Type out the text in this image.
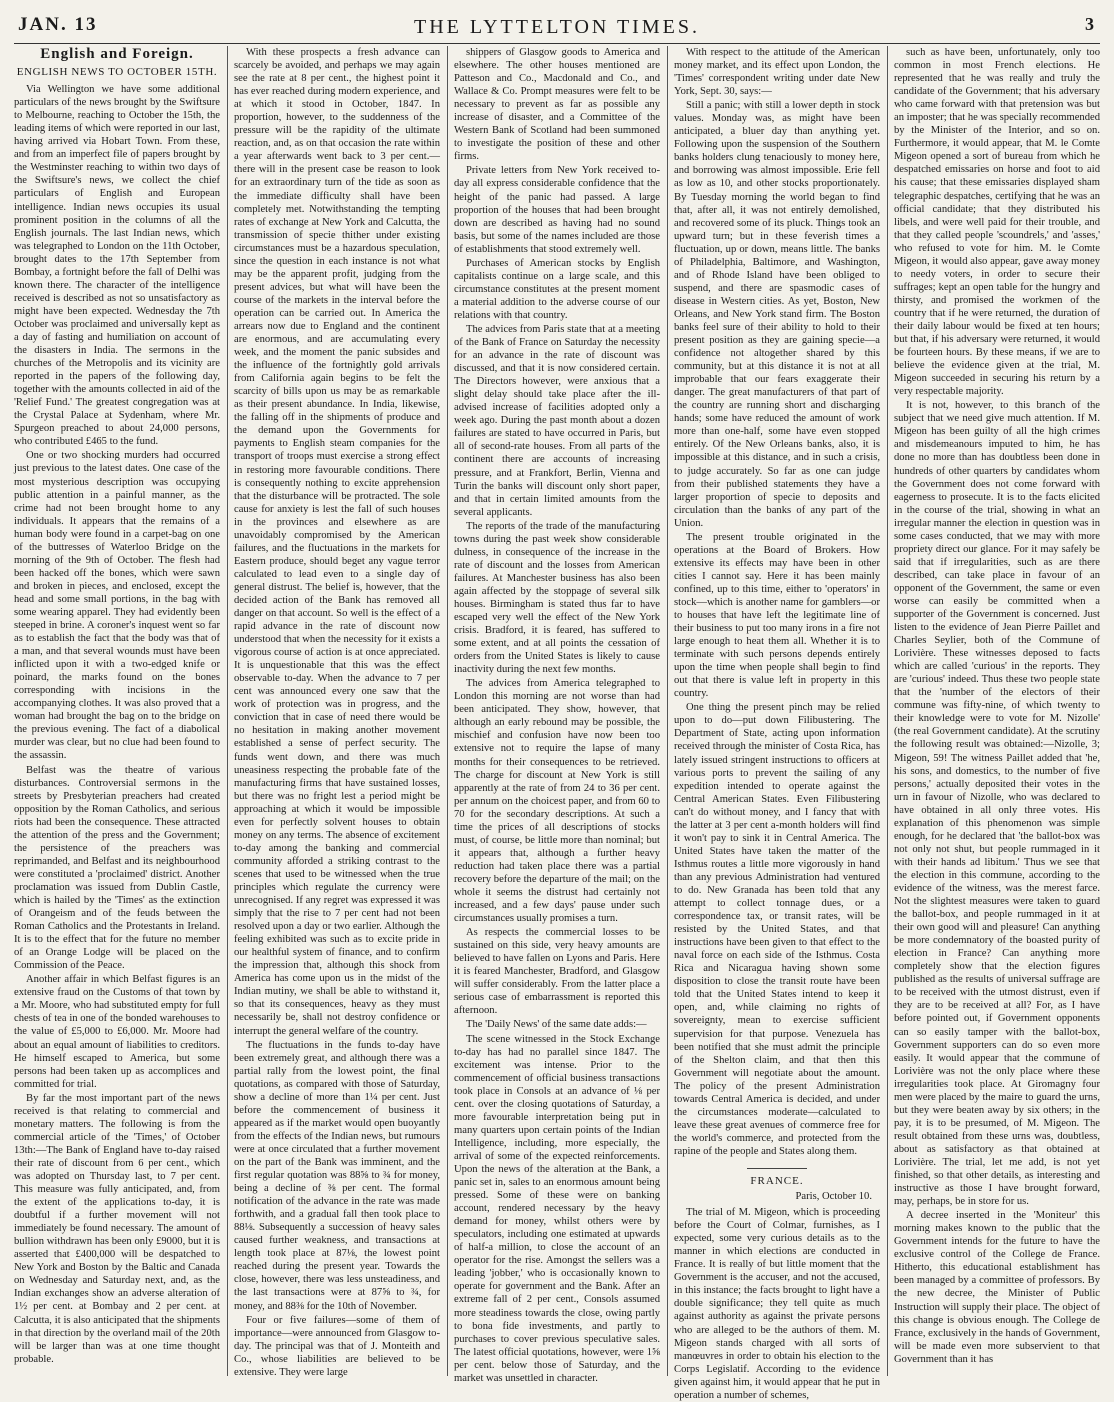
JAN. 13	THE LYTTELTON TIMES.	3
English and Foreign.
ENGLISH NEWS TO OCTOBER 15TH.

Via Wellington we have some additional particulars of the news brought by the Swiftsure to Melbourne, reaching to October the 15th, the leading items of which were reported in our last, having arrived via Hobart Town. From these, and from an imperfect file of papers brought by the Westminster reaching to within two days of the Swiftsure's news, we collect the chief particulars of English and European intelligence. Indian news occupies its usual prominent position in the columns of all the English journals. The last Indian news, which was telegraphed to London on the 11th October, brought dates to the 17th September from Bombay, a fortnight before the fall of Delhi was known there. The character of the intelligence received is described as not so unsatisfactory as might have been expected. Wednesday the 7th October was proclaimed and universally kept as a day of fasting and humiliation on account of the disasters in India. The sermons in the churches of the Metropolis and its vicinity are reported in the papers of the following day, together with the amounts collected in aid of the 'Relief Fund.' The greatest congregation was at the Crystal Palace at Sydenham, where Mr. Spurgeon preached to about 24,000 persons, who contributed £465 to the fund.

One or two shocking murders had occurred just previous to the latest dates. One case of the most mysterious description was occupying public attention in a painful manner, as the crime had not been brought home to any individuals. It appears that the remains of a human body were found in a carpet-bag on one of the buttresses of Waterloo Bridge on the morning of the 9th of October. The flesh had been hacked off the bones, which were sawn and broken in pieces, and enclosed, except the head and some small portions, in the bag with some wearing apparel. They had evidently been steeped in brine. A coroner's inquest went so far as to establish the fact that the body was that of a man, and that several wounds must have been inflicted upon it with a two-edged knife or poinard, the marks found on the bones corresponding with incisions in the accompanying clothes. It was also proved that a woman had brought the bag on to the bridge on the previous evening. The fact of a diabolical murder was clear, but no clue had been found to the assassin.

Belfast was the theatre of various disturbances. Controversial sermons in the streets by Presbyterian preachers had created opposition by the Roman Catholics, and serious riots had been the consequence. These attracted the attention of the press and the Government; the persistence of the preachers was reprimanded, and Belfast and its neighbourhood were constituted a 'proclaimed' district. Another proclamation was issued from Dublin Castle, which is hailed by the 'Times' as the extinction of Orangeism and of the feuds between the Roman Catholics and the Protestants in Ireland. It is to the effect that for the future no member of an Orange Lodge will be placed on the Commission of the Peace.

Another affair in which Belfast figures is an extensive fraud on the Customs of that town by a Mr. Moore, who had substituted empty for full chests of tea in one of the bonded warehouses to the value of £5,000 to £6,000. Mr. Moore had about an equal amount of liabilities to creditors. He himself escaped to America, but some persons had been taken up as accomplices and committed for trial.

By far the most important part of the news received is that relating to commercial and monetary matters. The following is from the commercial article of the 'Times,' of October 13th:—The Bank of England have to-day raised their rate of discount from 6 per cent., which was adopted on Thursday last, to 7 per cent. This measure was fully anticipated, and, from the extent of the applications to-day, it is doubtful if a further movement will not immediately be found necessary. The amount of bullion withdrawn has been only £9000, but it is asserted that £400,000 will be despatched to New York and Boston by the Baltic and Canada on Wednesday and Saturday next, and, as the Indian exchanges show an adverse alteration of 1½ per cent. at Bombay and 2 per cent. at Calcutta, it is also anticipated that the shipments in that direction by the overland mail of the 20th will be larger than was at one time thought probable.

With these prospects a fresh advance can scarcely be avoided, and perhaps we may again see the rate at 8 per cent., the highest point it has ever reached during modern experience, and at which it stood in October, 1847. In proportion, however, to the suddenness of the pressure will be the rapidity of the ultimate reaction, and, as on that occasion the rate within a year afterwards went back to 3 per cent.—there will in the present case be reason to look for an extraordinary turn of the tide as soon as the immediate difficulty shall have been completely met. Notwithstanding the tempting rates of exchange at New York and Calcutta, the transmission of specie thither under existing circumstances must be a hazardous speculation, since the question in each instance is not what may be the apparent profit, judging from the present advices, but what will have been the course of the markets in the interval before the operation can be carried out. In America the arrears now due to England and the continent are enormous, and are accumulating every week, and the moment the panic subsides and the influence of the fortnightly gold arrivals from California again begins to be felt the scarcity of bills upon us may be as remarkable as their present abundance. In India, likewise, the falling off in the shipments of produce and the demand upon the Governments for payments to English steam companies for the transport of troops must exercise a strong effect in restoring more favourable conditions. There is consequently nothing to excite apprehension that the disturbance will be protracted. The sole cause for anxiety is lest the fall of such houses in the provinces and elsewhere as are unavoidably compromised by the American failures, and the fluctuations in the markets for Eastern produce, should beget any vague terror calculated to lead even to a single day of general distrust. The belief is, however, that the decided action of the Bank has removed all danger on that account. So well is the effect of a rapid advance in the rate of discount now understood that when the necessity for it exists a vigorous course of action is at once appreciated. It is unquestionable that this was the effect observable to-day. When the advance to 7 per cent was announced every one saw that the work of protection was in progress, and the conviction that in case of need there would be no hesitation in making another movement established a sense of perfect security. The funds went down, and there was much uneasiness respecting the probable fate of the manufacturing firms that have sustained losses, but there was no fright lest a period might be approaching at which it would be impossible even for perfectly solvent houses to obtain money on any terms. The absence of excitement to-day among the banking and commercial community afforded a striking contrast to the scenes that used to be witnessed when the true principles which regulate the currency were unrecognised. If any regret was expressed it was simply that the rise to 7 per cent had not been resolved upon a day or two earlier. Although the feeling exhibited was such as to excite pride in our healthful system of finance, and to confirm the impression that, although this shock from America has come upon us in the midst of the Indian mutiny, we shall be able to withstand it, so that its consequences, heavy as they must necessarily be, shall not destroy confidence or interrupt the general welfare of the country.

The fluctuations in the funds to-day have been extremely great, and although there was a partial rally from the lowest point, the final quotations, as compared with those of Saturday, show a decline of more than 1¼ per cent. Just before the commencement of business it appeared as if the market would open buoyantly from the effects of the Indian news, but rumours were at once circulated that a further movement on the part of the Bank was imminent, and the first regular quotation was 88⅝ to ¾ for money, being a decline of ⅜ per cent. The formal notification of the advance in the rate was made forthwith, and a gradual fall then took place to 88⅛. Subsequently a succession of heavy sales caused further weakness, and transactions at length took place at 87⅛, the lowest point reached during the present year. Towards the close, however, there was less unsteadiness, and the last transactions were at 87⅝ to ¾, for money, and 88⅜ for the 10th of November.

Four or five failures—some of them of importance—were announced from Glasgow to-day. The principal was that of J. Monteith and Co., whose liabilities are believed to be extensive. They were large

shippers of Glasgow goods to America and elsewhere. The other houses mentioned are Patteson and Co., Macdonald and Co., and Wallace & Co. Prompt measures were felt to be necessary to prevent as far as possible any increase of disaster, and a Committee of the Western Bank of Scotland had been summoned to investigate the position of these and other firms.

Private letters from New York received to-day all express considerable confidence that the height of the panic had passed. A large proportion of the houses that had been brought down are described as having had no sound basis, but some of the names included are those of establishments that stood extremely well.

Purchases of American stocks by English capitalists continue on a large scale, and this circumstance constitutes at the present moment a material addition to the adverse course of our relations with that country.

The advices from Paris state that at a meeting of the Bank of France on Saturday the necessity for an advance in the rate of discount was discussed, and that it is now considered certain. The Directors however, were anxious that a slight delay should take place after the ill-advised increase of facilities adopted only a week ago. During the past month about a dozen failures are stated to have occurred in Paris, but all of second-rate houses. From all parts of the continent there are accounts of increasing pressure, and at Frankfort, Berlin, Vienna and Turin the banks will discount only short paper, and that in certain limited amounts from the several applicants.

The reports of the trade of the manufacturing towns during the past week show considerable dulness, in consequence of the increase in the rate of discount and the losses from American failures. At Manchester business has also been again affected by the stoppage of several silk houses. Birmingham is stated thus far to have escaped very well the effect of the New York crisis. Bradford, it is feared, has suffered to some extent, and at all points the cessation of orders from the United States is likely to cause inactivity during the next few months.

The advices from America telegraphed to London this morning are not worse than had been anticipated. They show, however, that although an early rebound may be possible, the mischief and confusion have now been too extensive not to require the lapse of many months for their consequences to be retrieved. The charge for discount at New York is still apparently at the rate of from 24 to 36 per cent. per annum on the choicest paper, and from 60 to 70 for the secondary descriptions. At such a time the prices of all descriptions of stocks must, of course, be little more than nominal; but it appears that, although a further heavy reduction had taken place there was a partial recovery before the departure of the mail; on the whole it seems the distrust had certainly not increased, and a few days' pause under such circumstances usually promises a turn.

As respects the commercial losses to be sustained on this side, very heavy amounts are believed to have fallen on Lyons and Paris. Here it is feared Manchester, Bradford, and Glasgow will suffer considerably. From the latter place a serious case of embarrassment is reported this afternoon.

The 'Daily News' of the same date adds:—

The scene witnessed in the Stock Exchange to-day has had no parallel since 1847. The excitement was intense. Prior to the commencement of official business transactions took place in Consols at an advance of ⅛ per cent. over the closing quotations of Saturday, a more favourable interpretation being put in many quarters upon certain points of the Indian Intelligence, including, more especially, the arrival of some of the expected reinforcements. Upon the news of the alteration at the Bank, a panic set in, sales to an enormous amount being pressed. Some of these were on banking account, rendered necessary by the heavy demand for money, whilst others were by speculators, including one estimated at upwards of half-a million, to close the account of an operator for the rise. Amongst the sellers was a leading 'jobber,' who is occasionally known to operate for government and the Bank. After an extreme fall of 2 per cent., Consols assumed more steadiness towards the close, owing partly to bona fide investments, and partly to purchases to cover previous speculative sales. The latest official quotations, however, were 1⅝ per cent. below those of Saturday, and the market was unsettled in character.

With respect to the attitude of the American money market, and its effect upon London, the 'Times' correspondent writing under date New York, Sept. 30, says:—

Still a panic; with still a lower depth in stock values. Monday was, as might have been anticipated, a bluer day than anything yet. Following upon the suspension of the Southern banks holders clung tenaciously to money here, and borrowing was almost impossible. Erie fell as low as 10, and other stocks proportionately. By Tuesday morning the world began to find that, after all, it was not entirely demolished, and recovered some of its pluck. Things took an upward turn; but in these feverish times a fluctuation, up or down, means little. The banks of Philadelphia, Baltimore, and Washington, and of Rhode Island have been obliged to suspend, and there are spasmodic cases of disease in Western cities. As yet, Boston, New Orleans, and New York stand firm. The Boston banks feel sure of their ability to hold to their present position as they are gaining specie—a confidence not altogether shared by this community, but at this distance it is not at all improbable that our fears exaggerate their danger. The great manufacturers of that part of the country are running short and discharging hands; some have reduced the amount of work more than one-half, some have even stopped entirely. Of the New Orleans banks, also, it is impossible at this distance, and in such a crisis, to judge accurately. So far as one can judge from their published statements they have a larger proportion of specie to deposits and circulation than the banks of any part of the Union.

The present trouble originated in the operations at the Board of Brokers. How extensive its effects may have been in other cities I cannot say. Here it has been mainly confined, up to this time, either to 'operators' in stock—which is another name for gamblers—or to houses that have left the legitimate line of their business to put too many irons in a fire not large enough to heat them all. Whether it is to terminate with such persons depends entirely upon the time when people shall begin to find out that there is value left in property in this country.

One thing the present pinch may be relied upon to do—put down Filibustering. The Department of State, acting upon information received through the minister of Costa Rica, has lately issued stringent instructions to officers at various ports to prevent the sailing of any expedition intended to operate against the Central American States. Even Filibustering can't do without money, and I fancy that with the latter at 3 per cent a-month holders will find it won't pay to sink it in Central America. The United States have taken the matter of the Isthmus routes a little more vigorously in hand than any previous Administration had ventured to do. New Granada has been told that any attempt to collect tonnage dues, or a correspondence tax, or transit rates, will be resisted by the United States, and that instructions have been given to that effect to the naval force on each side of the Isthmus. Costa Rica and Nicaragua having shown some disposition to close the transit route have been told that the United States intend to keep it open, and, while claiming no rights of sovereignty, mean to exercise sufficient supervision for that purpose. Venezuela has been notified that she must admit the principle of the Shelton claim, and that then this Government will negotiate about the amount. The policy of the present Administration towards Central America is decided, and under the circumstances moderate—calculated to leave these great avenues of commerce free for the world's commerce, and protected from the rapine of the people and States along them.

FRANCE.
Paris, October 10.

The trial of M. Migeon, which is proceeding before the Court of Colmar, furnishes, as I expected, some very curious details as to the manner in which elections are conducted in France. It is really of but little moment that the Government is the accuser, and not the accused, in this instance; the facts brought to light have a double significance; they tell quite as much against authority as against the private persons who are alleged to be the authors of them. M. Migeon stands charged with all sorts of manœuvres in order to obtain his election to the Corps Legislatif. According to the evidence given against him, it would appear that he put in operation a number of schemes,

such as have been, unfortunately, only too common in most French elections. He represented that he was really and truly the candidate of the Government; that his adversary who came forward with that pretension was but an imposter; that he was specially recommended by the Minister of the Interior, and so on. Furthermore, it would appear, that M. le Comte Migeon opened a sort of bureau from which he despatched emissaries on horse and foot to aid his cause; that these emissaries displayed sham telegraphic despatches, certifying that he was an official candidate; that they distributed his libels, and were well paid for their trouble, and that they called people 'scoundrels,' and 'asses,' who refused to vote for him. M. le Comte Migeon, it would also appear, gave away money to needy voters, in order to secure their suffrages; kept an open table for the hungry and thirsty, and promised the workmen of the country that if he were returned, the duration of their daily labour would be fixed at ten hours; but that, if his adversary were returned, it would be fourteen hours. By these means, if we are to believe the evidence given at the trial, M. Migeon succeeded in securing his return by a very respectable majority.

It is not, however, to this branch of the subject that we need give much attention. If M. Migeon has been guilty of all the high crimes and misdemeanours imputed to him, he has done no more than has doubtless been done in hundreds of other quarters by candidates whom the Government does not come forward with eagerness to prosecute. It is to the facts elicited in the course of the trial, showing in what an irregular manner the election in question was in some cases conducted, that we may with more propriety direct our glance. For it may safely be said that if irregularities, such as are there described, can take place in favour of an opponent of the Government, the same or even worse can easily be committed when a supporter of the Government is concerned. Just listen to the evidence of Jean Pierre Paillet and Charles Seylier, both of the Commune of Lorivière. These witnesses deposed to facts which are called 'curious' in the reports. They are 'curious' indeed. Thus these two people state that the 'number of the electors of their commune was fifty-nine, of which twenty to their knowledge were to vote for M. Nizolle' (the real Government candidate). At the scrutiny the following result was obtained:—Nizolle, 3; Migeon, 59! The witness Paillet added that 'he, his sons, and domestics, to the number of five persons,' actually deposited their votes in the urn in favour of Nizolle, who was declared to have obtained in all only three votes. His explanation of this phenomenon was simple enough, for he declared that 'the ballot-box was not only not shut, but people rummaged in it with their hands ad libitum.' Thus we see that the election in this commune, according to the evidence of the witness, was the merest farce. Not the slightest measures were taken to guard the ballot-box, and people rummaged in it at their own good will and pleasure! Can anything be more condemnatory of the boasted purity of election in France? Can anything more completely show that the election figures published as the results of universal suffrage are to be received with the utmost distrust, even if they are to be received at all? For, as I have before pointed out, if Government opponents can so easily tamper with the ballot-box, Government supporters can do so even more easily. It would appear that the commune of Lorivière was not the only place where these irregularities took place. At Giromagny four men were placed by the maire to guard the urns, but they were beaten away by six others; in the pay, it is to be presumed, of M. Migeon. The result obtained from these urns was, doubtless, about as satisfactory as that obtained at Lorivière. The trial, let me add, is not yet finished, so that other details, as interesting and instructive as those I have brought forward, may, perhaps, be in store for us.

A decree inserted in the 'Moniteur' this morning makes known to the public that the Government intends for the future to have the exclusive control of the College de France. Hitherto, this educational establishment has been managed by a committee of professors. By the new decree, the Minister of Public Instruction will supply their place. The object of this change is obvious enough. The College de France, exclusively in the hands of Government, will be made even more subservient to that Government than it has
